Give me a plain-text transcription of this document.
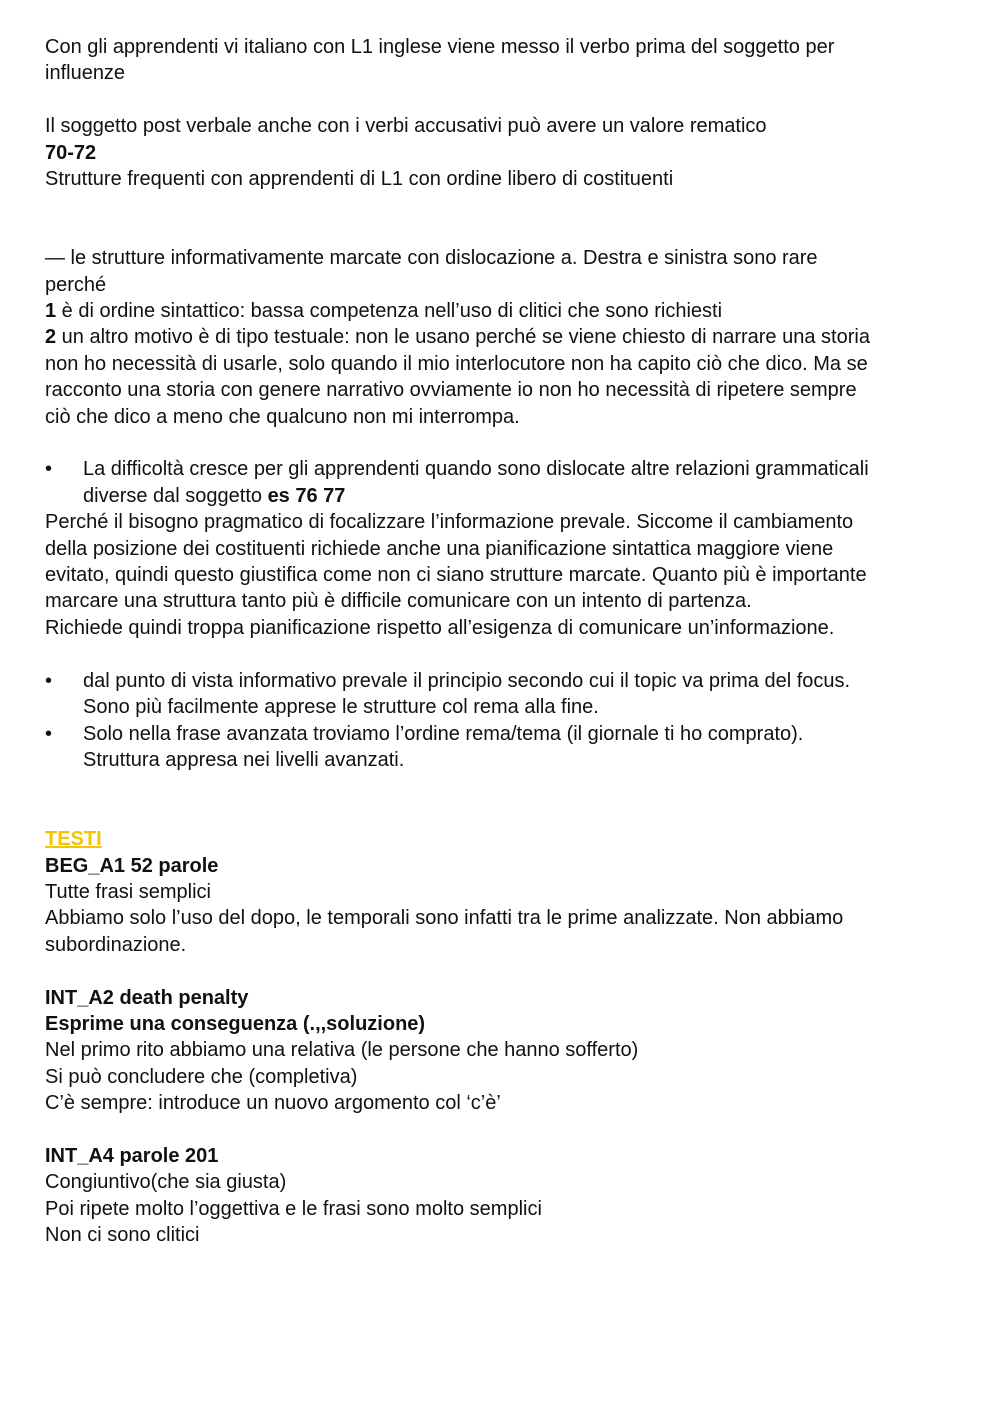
Con gli apprendenti vi italiano con L1 inglese viene messo il verbo prima del soggetto per
influenze
Il soggetto post verbale anche con i verbi accusativi può avere un valore rematico
70-72
Strutture frequenti con apprendenti di L1 con ordine libero di costituenti
— le strutture informativamente marcate con dislocazione a. Destra e sinistra sono rare
perché
1 è di ordine sintattico: bassa competenza nell’uso di clitici che sono richiesti
2 un altro motivo è di tipo testuale: non le usano perché se viene chiesto di narrare una storia
non ho necessità di usarle, solo quando il mio interlocutore non ha capito ciò che dico. Ma se
racconto una storia con genere narrativo ovviamente io non ho necessità di ripetere sempre
ciò che dico a meno che qualcuno non mi interrompa.
•	La difficoltà cresce per gli apprendenti quando sono dislocate altre relazioni grammaticali
diverse dal soggetto es 76 77
Perché il bisogno pragmatico di focalizzare l’informazione prevale. Siccome il cambiamento
della posizione dei costituenti richiede anche una pianificazione sintattica maggiore viene
evitato, quindi questo giustifica come non ci siano strutture marcate. Quanto più è importante
marcare una struttura tanto più è difficile comunicare con un intento di partenza.
Richiede quindi troppa pianificazione rispetto all’esigenza di comunicare un’informazione.
•	dal punto di vista informativo prevale il principio secondo cui il topic va prima del focus.
Sono più facilmente apprese le strutture col rema alla fine.
•	Solo nella frase avanzata troviamo l’ordine rema/tema (il giornale ti ho comprato).
Struttura appresa nei livelli avanzati.
TESTI
BEG_A1 52 parole
Tutte frasi semplici
Abbiamo solo l’uso del dopo, le temporali sono infatti tra le prime analizzate. Non abbiamo
subordinazione.
INT_A2 death penalty
Esprime una conseguenza (.,,soluzione)
Nel primo rito abbiamo una relativa (le persone che hanno sofferto)
Si può concludere che (completiva)
C’è sempre: introduce un nuovo argomento col ‘c’è’
INT_A4 parole 201
Congiuntivo(che sia giusta)
Poi ripete molto l’oggettiva e le frasi sono molto semplici
Non ci sono clitici
